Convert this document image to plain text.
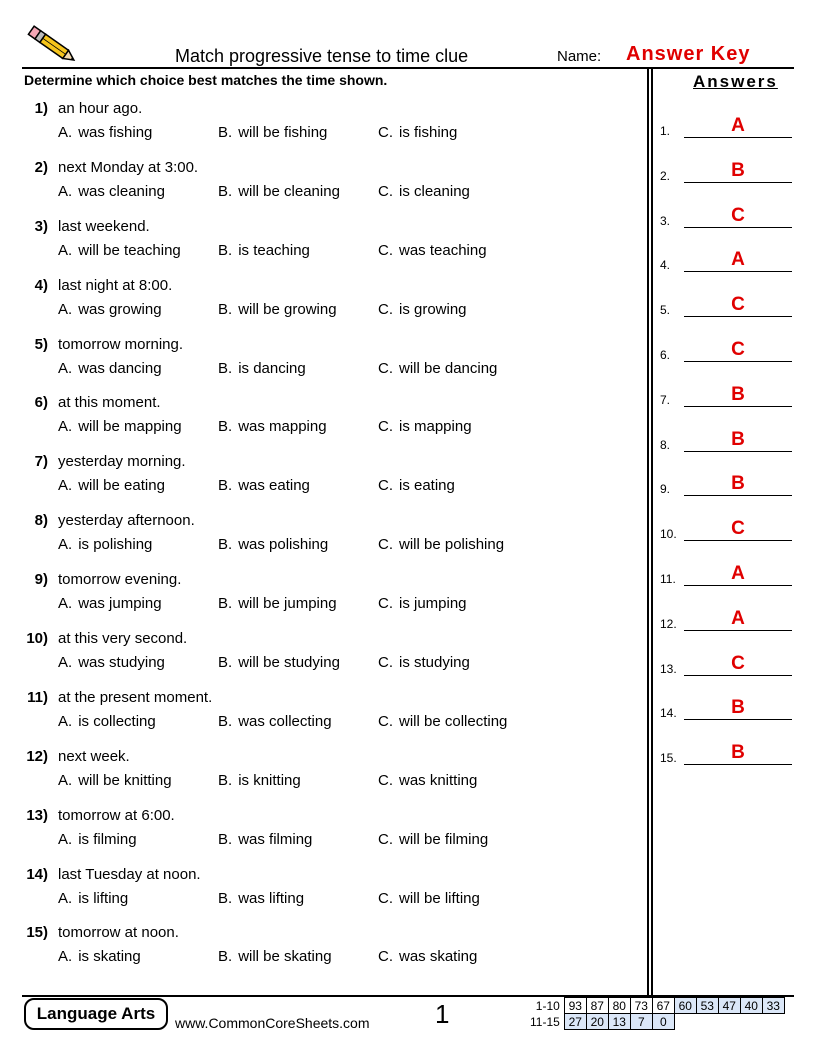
Match progressive tense to time clue	Name: Answer Key
Determine which choice best matches the time shown.
1) an hour ago.
A. was fishing	B. will be fishing	C. is fishing
2) next Monday at 3:00.
A. was cleaning	B. will be cleaning	C. is cleaning
3) last weekend.
A. will be teaching	B. is teaching	C. was teaching
4) last night at 8:00.
A. was growing	B. will be growing	C. is growing
5) tomorrow morning.
A. was dancing	B. is dancing	C. will be dancing
6) at this moment.
A. will be mapping	B. was mapping	C. is mapping
7) yesterday morning.
A. will be eating	B. was eating	C. is eating
8) yesterday afternoon.
A. is polishing	B. was polishing	C. will be polishing
9) tomorrow evening.
A. was jumping	B. will be jumping	C. is jumping
10) at this very second.
A. was studying	B. will be studying	C. is studying
11) at the present moment.
A. is collecting	B. was collecting	C. will be collecting
12) next week.
A. will be knitting	B. is knitting	C. was knitting
13) tomorrow at 6:00.
A. is filming	B. was filming	C. will be filming
14) last Tuesday at noon.
A. is lifting	B. was lifting	C. will be lifting
15) tomorrow at noon.
A. is skating	B. will be skating	C. was skating
Answers
1.	A
2.	B
3.	C
4.	A
5.	C
6.	C
7.	B
8.	B
9.	B
10.	C
11.	A
12.	A
13.	C
14.	B
15.	B
Language Arts	www.CommonCoreSheets.com	1	1-10	93	87	80	73	67	60	53	47	40	33
11-15	27	20	13	7	0					
